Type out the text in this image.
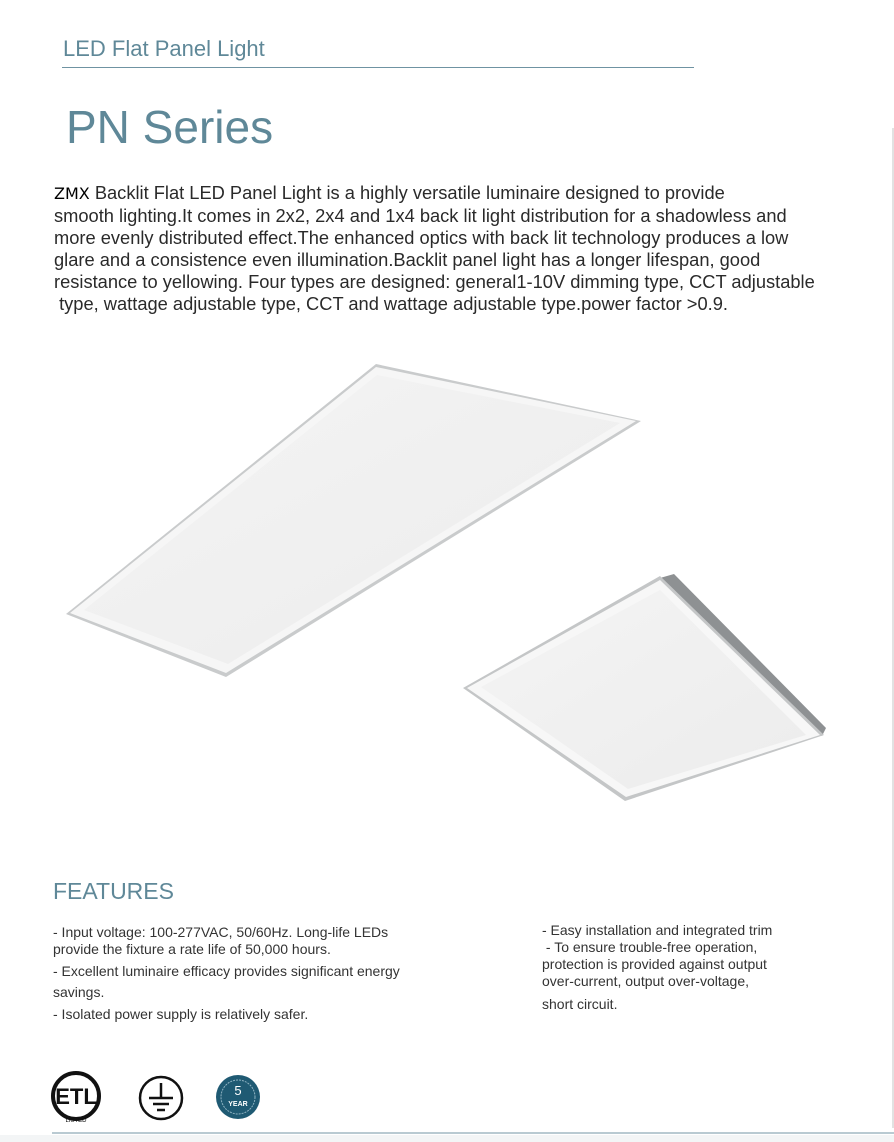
LED Flat Panel Light
PN Series
ZMX Backlit Flat LED Panel Light is a highly versatile luminaire designed to provide
smooth lighting.It comes in 2x2, 2x4 and 1x4 back lit light distribution for a shadowless and
more evenly distributed effect.The enhanced optics with back lit technology produces a low
glare and a consistence even illumination.Backlit panel light has a longer lifespan, good
resistance to yellowing. Four types are designed: general1-10V dimming type, CCT adjustable
type, wattage adjustable type, CCT and wattage adjustable type.power factor >0.9.
FEATURES
- Input voltage: 100-277VAC, 50/60Hz. Long-life LEDs
provide the fixture a rate life of 50,000 hours.
- Excellent luminaire efficacy provides significant energy
savings.
- Isolated power supply is relatively safer.
- Easy installation and integrated trim
- To ensure trouble-free operation,
protection is provided against output
over-current, output over-voltage,
short circuit.
ETL
LISTED
5
YEAR
